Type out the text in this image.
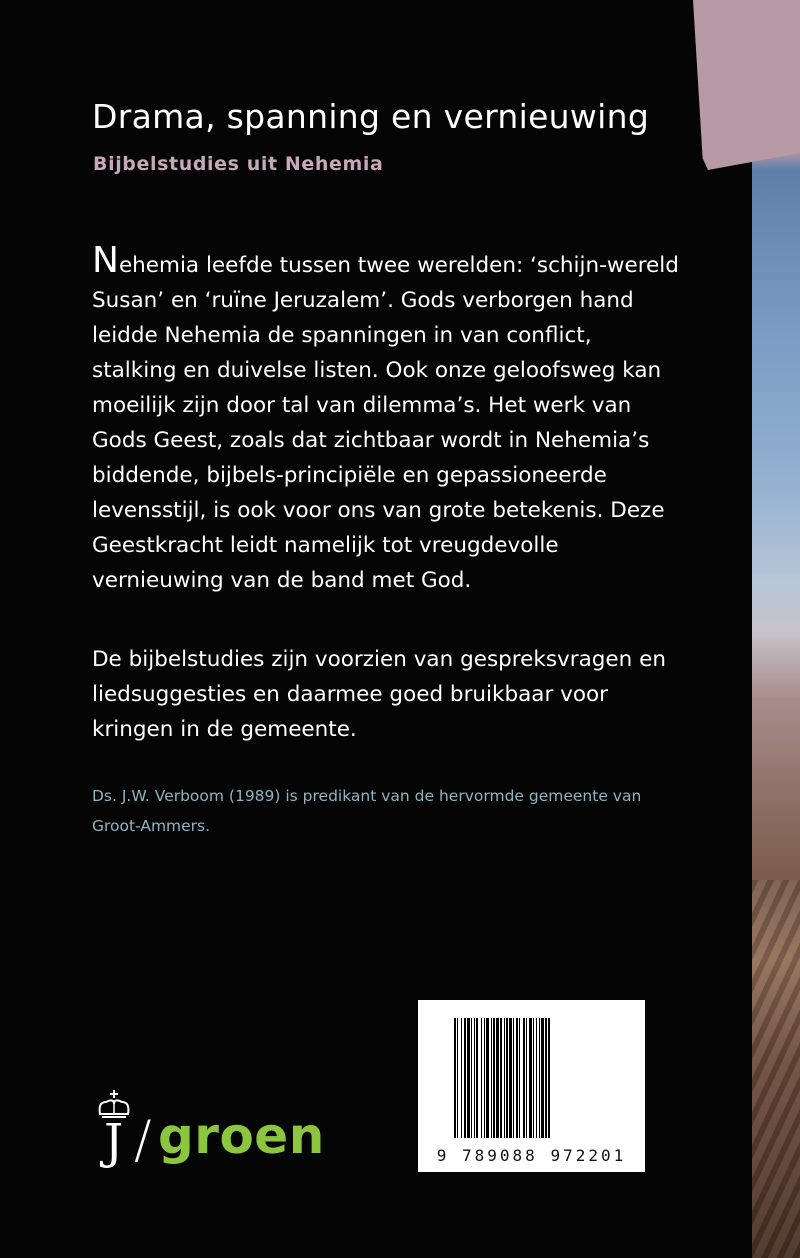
Drama, spanning en vernieuwing
Bijbelstudies uit Nehemia

Nehemia leefde tussen twee werelden: ‘schijn-wereld Susan’ en ‘ruïne Jeruzalem’. Gods verborgen hand leidde Nehemia de spanningen in van conflict, stalking en duivelse listen. Ook onze geloofsweg kan moeilijk zijn door tal van dilemma’s. Het werk van Gods Geest, zoals dat zichtbaar wordt in Nehemia’s biddende, bijbels-principiële en gepassioneerde levensstijl, is ook voor ons van grote betekenis. Deze Geestkracht leidt namelijk tot vreugdevolle vernieuwing van de band met God.

De bijbelstudies zijn voorzien van gespreksvragen en liedsuggesties en daarmee goed bruikbaar voor kringen in de gemeente.

Ds. J.W. Verboom (1989) is predikant van de hervormde gemeente van Groot-Ammers.

9 789088 972201
J / groen
